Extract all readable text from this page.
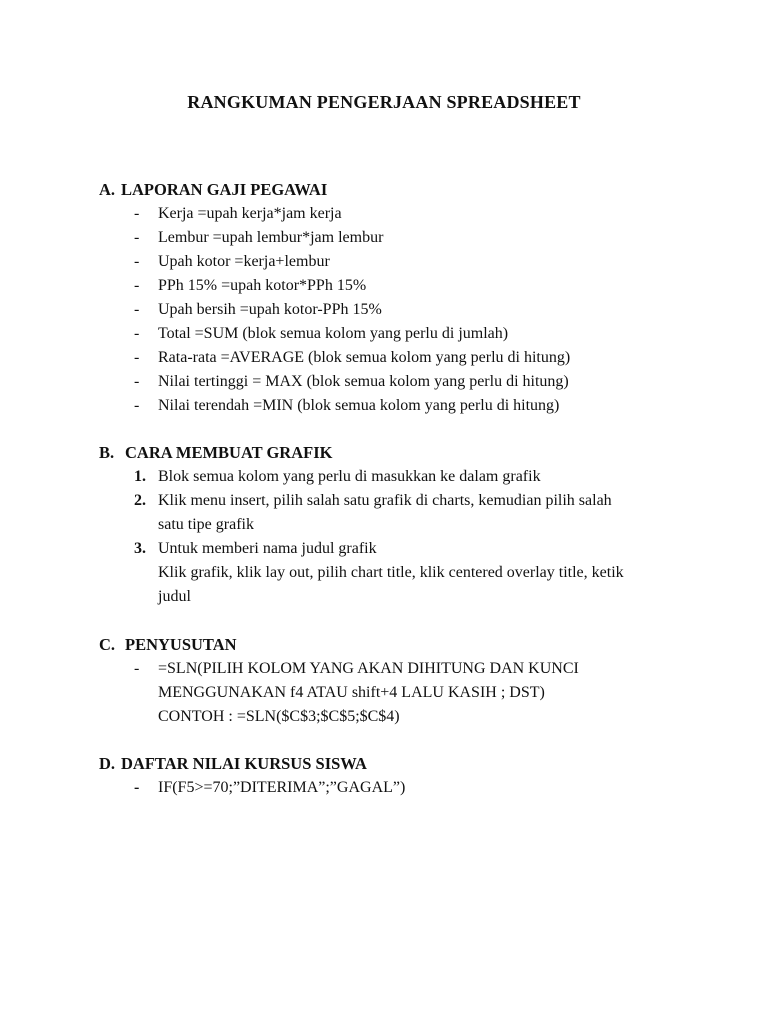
RANGKUMAN PENGERJAAN SPREADSHEET
A. LAPORAN GAJI PEGAWAI
-	Kerja =upah kerja*jam kerja
-	Lembur =upah lembur*jam lembur
-	Upah kotor =kerja+lembur
-	PPh 15% =upah kotor*PPh 15%
-	Upah bersih =upah kotor-PPh 15%
-	Total =SUM (blok semua kolom yang perlu di jumlah)
-	Rata-rata =AVERAGE (blok semua kolom yang perlu di hitung)
-	Nilai tertinggi = MAX (blok semua kolom yang perlu di hitung)
-	Nilai terendah =MIN (blok semua kolom yang perlu di hitung)
B. CARA MEMBUAT GRAFIK
1. Blok semua kolom yang perlu di masukkan ke dalam grafik
2. Klik menu insert, pilih salah satu grafik di charts, kemudian pilih salah
satu tipe grafik
3. Untuk memberi nama judul grafik
Klik grafik, klik lay out, pilih chart title, klik centered overlay title, ketik
judul
C. PENYUSUTAN
-	=SLN(PILIH KOLOM YANG AKAN DIHITUNG DAN KUNCI
MENGGUNAKAN f4 ATAU shift+4 LALU KASIH ; DST)
CONTOH : =SLN($C$3;$C$5;$C$4)
D. DAFTAR NILAI KURSUS SISWA
-	IF(F5>=70;”DITERIMA”;”GAGAL”)
